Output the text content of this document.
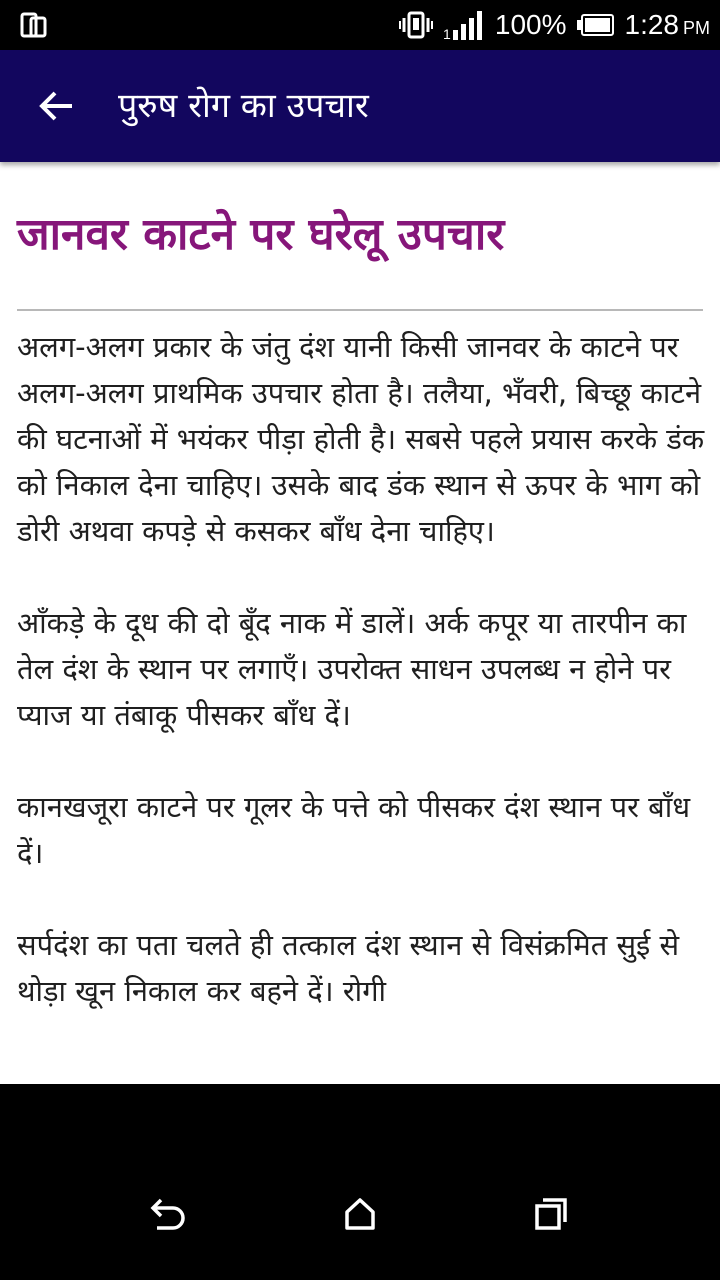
1 100% 1:28 PM
पुरुष रोग का उपचार
जानवर काटने पर घरेलू उपचार

अलग-अलग प्रकार के जंतु दंश यानी किसी जानवर के काटने पर अलग-अलग प्राथमिक उपचार होता है। तलैया, भँवरी, बिच्छू काटने की घटनाओं में भयंकर पीड़ा होती है। सबसे पहले प्रयास करके डंक को निकाल देना चाहिए। उसके बाद डंक स्थान से ऊपर के भाग को डोरी अथवा कपड़े से कसकर बाँध देना चाहिए।

आँकड़े के दूध की दो बूँद नाक में डालें। अर्क कपूर या तारपीन का तेल दंश के स्थान पर लगाएँ। उपरोक्त साधन उपलब्ध न होने पर प्याज या तंबाकू पीसकर बाँध दें।

कानखजूरा काटने पर गूलर के पत्ते को पीसकर दंश स्थान पर बाँध दें।

सर्पदंश का पता चलते ही तत्काल दंश स्थान से विसंक्रमित सुई से थोड़ा खून निकाल कर बहने दें। रोगी
